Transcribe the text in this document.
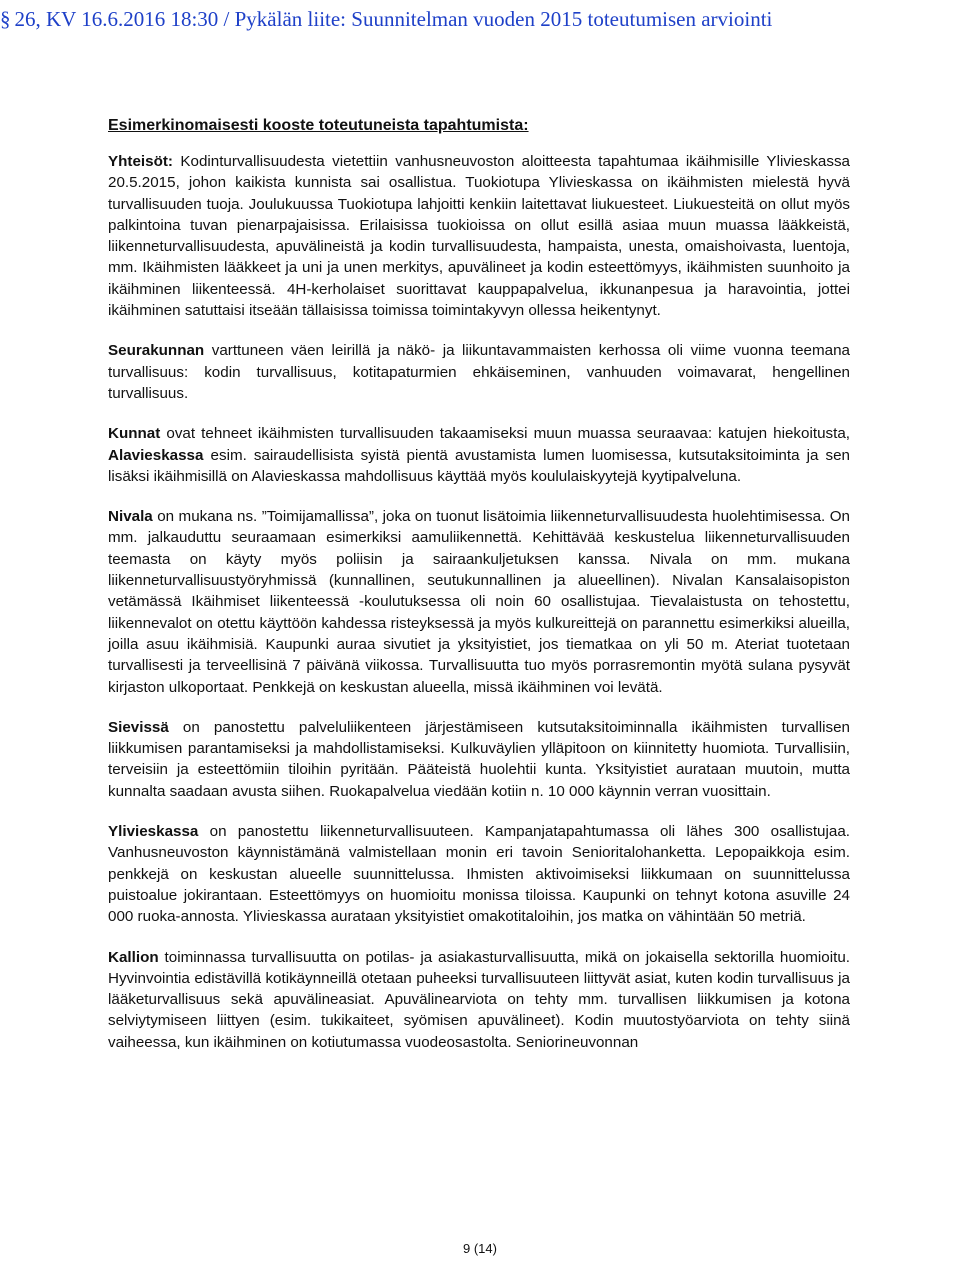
§ 26, KV 16.6.2016 18:30 / Pykälän liite: Suunnitelman vuoden 2015 toteutumisen arviointi
Esimerkinomaisesti kooste toteutuneista tapahtumista:

Yhteisöt: Kodinturvallisuudesta vietettiin vanhusneuvoston aloitteesta tapahtumaa ikäihmisille Ylivieskassa 20.5.2015, johon kaikista kunnista sai osallistua. Tuokiotupa Ylivieskassa on ikäihmisten mielestä hyvä turvallisuuden tuoja. Joulukuussa Tuokiotupa lahjoitti kenkiin laitettavat liukuesteet. Liukuesteitä on ollut myös palkintoina tuvan pienarpajaisissa. Erilaisissa tuokioissa on ollut esillä asiaa muun muassa lääkkeistä, liikenneturvallisuudesta, apuvälineistä ja kodin turvallisuudesta, hampaista, unesta, omaishoivasta, luentoja, mm. Ikäihmisten lääkkeet ja uni ja unen merkitys, apuvälineet ja kodin esteettömyys, ikäihmisten suunhoito ja ikäihminen liikenteessä. 4H-kerholaiset suorittavat kauppapalvelua, ikkunanpesua ja haravointia, jottei ikäihminen satuttaisi itseään tällaisissa toimissa toimintakyvyn ollessa heikentynyt.

Seurakunnan varttuneen väen leirillä ja näkö- ja liikuntavammaisten kerhossa oli viime vuonna teemana turvallisuus: kodin turvallisuus, kotitapaturmien ehkäiseminen, vanhuuden voimavarat, hengellinen turvallisuus.

Kunnat ovat tehneet ikäihmisten turvallisuuden takaamiseksi muun muassa seuraavaa: katujen hiekoitusta, Alavieskassa esim. sairaudellisista syistä pientä avustamista lumen luomisessa, kutsutaksitoiminta ja sen lisäksi ikäihmisillä on Alavieskassa mahdollisuus käyttää myös koululaiskyytejä kyytipalveluna.

Nivala on mukana ns. ”Toimijamallissa”, joka on tuonut lisätoimia liikenneturvallisuudesta huolehtimisessa. On mm. jalkauduttu seuraamaan esimerkiksi aamuliikennettä. Kehittävää keskustelua liikenneturvallisuuden teemasta on käyty myös poliisin ja sairaankuljetuksen kanssa. Nivala on mm. mukana liikenneturvallisuustyöryhmissä (kunnallinen, seutukunnallinen ja alueellinen). Nivalan Kansalaisopiston vetämässä Ikäihmiset liikenteessä -koulutuksessa oli noin 60 osallistujaa. Tievalaistusta on tehostettu, liikennevalot on otettu käyttöön kahdessa risteyksessä ja myös kulkureittejä on parannettu esimerkiksi alueilla, joilla asuu ikäihmisiä. Kaupunki auraa sivutiet ja yksityistiet, jos tiematkaa on yli 50 m. Ateriat tuotetaan turvallisesti ja terveellisinä 7 päivänä viikossa. Turvallisuutta tuo myös porrasremontin myötä sulana pysyvät kirjaston ulkoportaat. Penkkejä on keskustan alueella, missä ikäihminen voi levätä.

Sievissä on panostettu palveluliikenteen järjestämiseen kutsutaksitoiminnalla ikäihmisten turvallisen liikkumisen parantamiseksi ja mahdollistamiseksi. Kulkuväylien ylläpitoon on kiinnitetty huomiota. Turvallisiin, terveisiin ja esteettömiin tiloihin pyritään. Pääteistä huolehtii kunta. Yksityistiet aurataan muutoin, mutta kunnalta saadaan avusta siihen. Ruokapalvelua viedään kotiin n. 10 000 käynnin verran vuosittain.

Ylivieskassa on panostettu liikenneturvallisuuteen. Kampanjatapahtumassa oli lähes 300 osallistujaa. Vanhusneuvoston käynnistämänä valmistellaan monin eri tavoin Senioritalohanketta. Lepopaikkoja esim. penkkejä on keskustan alueelle suunnittelussa. Ihmisten aktivoimiseksi liikkumaan on suunnittelussa puistoalue jokirantaan. Esteettömyys on huomioitu monissa tiloissa. Kaupunki on tehnyt kotona asuville 24 000 ruoka-annosta. Ylivieskassa aurataan yksityistiet omakotitaloihin, jos matka on vähintään 50 metriä.

Kallion toiminnassa turvallisuutta on potilas- ja asiakasturvallisuutta, mikä on jokaisella sektorilla huomioitu. Hyvinvointia edistävillä kotikäynneillä otetaan puheeksi turvallisuuteen liittyvät asiat, kuten kodin turvallisuus ja lääketurvallisuus sekä apuvälineasiat. Apuvälinearviota on tehty mm. turvallisen liikkumisen ja kotona selviytymiseen liittyen (esim. tukikaiteet, syömisen apuvälineet). Kodin muutostyöarviota on tehty siinä vaiheessa, kun ikäihminen on kotiutumassa vuodeosastolta. Seniorineuvonnan

9 (14)
